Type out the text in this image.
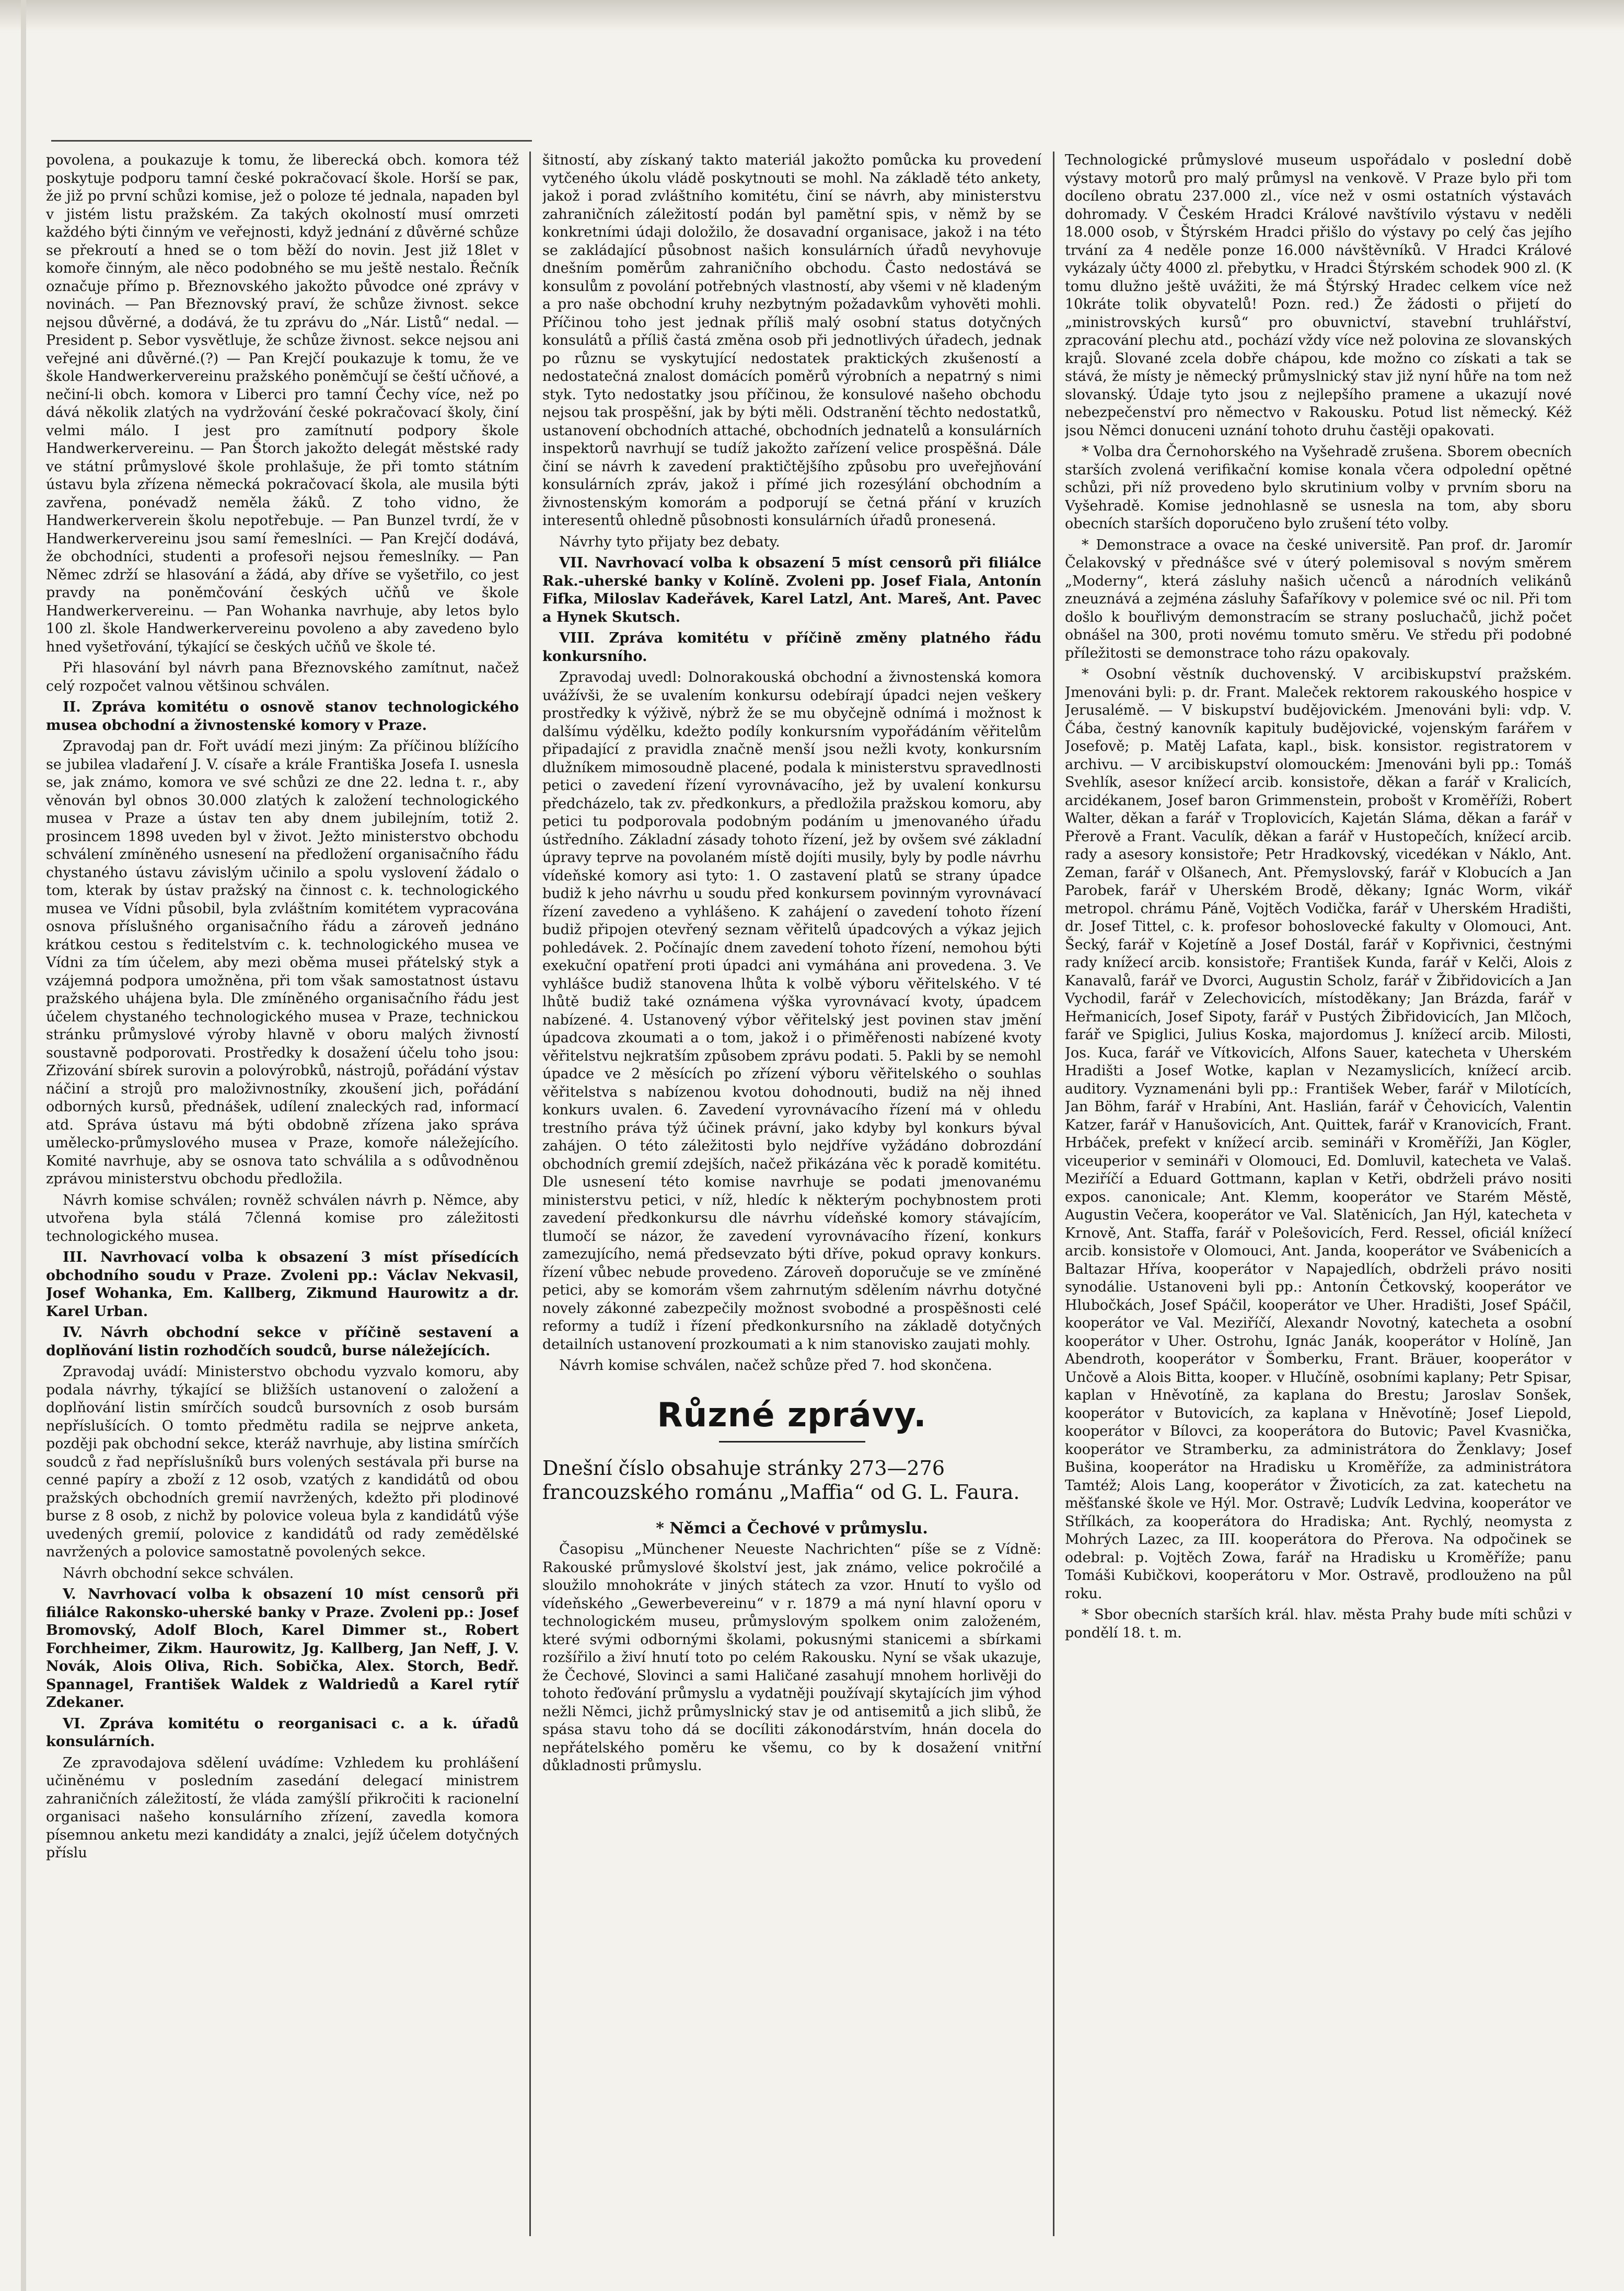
povolena, a poukazuje k tomu, že liberecká obch. komora též poskytuje podporu tamní české pokračovací škole. Horší se paк, že již po první schůzi komise, jež o poloze té jednala, napaden byl v jistém listu pražském. Za takých okolností musí omrzeti každého býti činným ve veřejnosti, když jednání z důvěrné schůze se překroutí a hned se o tom běží do novin. Jest již 18let v komoře činným, ale něco podobného se mu ještě nestalo. Řečník označuje přímo p. Březnovského jakožto původce oné zprávy v novinách. — Pan Březnovský praví, že schůze živnost. sekce nejsou důvěrné, a dodává, že tu zprávu do „Nár. Listů“ nedal. — President p. Sebor vysvětluje, že schůze živnost. sekce nejsou ani veřejné ani důvěrné.(?) — Pan Krejčí poukazuje k tomu, že ve škole Handwerkervereinu pražského poněmčují se čeští učňové, a nečiní-li obch. komora v Liberci pro tamní Čechy více, než po dává několik zlatých na vydržování české pokračovací školy, činí velmi málo. I jest pro zamítnutí podpory škole Handwerkervereinu. — Pan Štorch jakožto delegát městské rady ve státní průmyslové škole prohlašuje, že při tomto státním ústavu byla zřízena německá pokračovací škola, ale musila býti zavřena, ponévadž neměla žáků. Z toho vidno, že Handwerkerverein školu nepotřebuje. — Pan Bunzel tvrdí, že v Handwerkervereinu jsou samí řemeslníci. — Pan Krejčí dodává, že obchodníci, studenti a profesoři nejsou řemeslníky. — Pan Němec zdrží se hlasování a žádá, aby dříve se vyšetřilo, co jest pravdy na poněmčování českých učňů ve škole Handwerkervereinu. — Pan Wohanka navrhuje, aby letos bylo 100 zl. škole Handwerkervereinu povoleno a aby zavedeno bylo hned vyšetřování, týkající se českých učňů ve škole té.

Při hlasování byl návrh pana Březnovského zamítnut, načež celý rozpočet valnou většinou schválen.

II. Zpráva komitétu o osnově stanov technologického musea obchodní a živnostenské komory v Praze.

Zpravodaj pan dr. Fořt uvádí mezi jiným: Za příčinou blížícího se jubilea vladaření J. V. císaře a krále Františka Josefa I. usnesla se, jak známo, komora ve své schůzi ze dne 22. ledna t. r., aby věnován byl obnos 30.000 zlatých k založení technologického musea v Praze a ústav ten aby dnem jubilejním, totiž 2. prosincem 1898 uveden byl v život. Ježto ministerstvo obchodu schválení zmíněného usnesení na předložení organisačního řádu chystaného ústavu závislým učinilo a spolu vyslovení žádalo o tom, kterak by ústav pražský na činnost c. k. technologického musea ve Vídni působil, byla zvláštním komitétem vypracována osnova příslušného organisačního řádu a zároveň jednáno krátkou cestou s ředitelstvím c. k. technologického musea ve Vídni za tím účelem, aby mezi oběma musei přátelský styk a vzájemná podpora umožněna, při tom však samostatnost ústavu pražského uhájena byla. Dle zmíněného organisačního řádu jest účelem chystaného technologického musea v Praze, technickou stránku průmyslové výroby hlavně v oboru malých živností soustavně podporovati. Prostředky k dosažení účelu toho jsou: Zřizování sbírek surovin a polovýrobků, nástrojů, pořádání výstav náčiní a strojů pro maloživnostníky, zkoušení jich, pořádání odborných kursů, přednášek, udílení znaleckých rad, informací atd. Správa ústavu má býti obdobně zřízena jako správa umělecko-průmyslového musea v Praze, komoře náležejícího. Komité navrhuje, aby se osnova tato schválila a s odůvodněnou zprávou ministerstvu obchodu předložila.

Návrh komise schválen; rovněž schválen návrh p. Němce, aby utvořena byla stálá 7členná komise pro záležitosti technologického musea.

III. Navrhovací volba k obsazení 3 míst přísedících obchodního soudu v Praze. Zvoleni pp.: Václav Nekvasil, Josef Wohanka, Em. Kallberg, Zikmund Haurowitz a dr. Karel Urban.

IV. Návrh obchodní sekce v příčině sestavení a doplňování listin rozhodčích soudců, burse náležejících.

Zpravodaj uvádí: Ministerstvo obchodu vyzvalo komoru, aby podala návrhy, týkající se bližších ustanovení o založení a doplňování listin smírčích soudců bursovních z osob bursám nepříslušících. O tomto předmětu radila se nejprve anketa, později pak obchodní sekce, kteráž navrhuje, aby listina smírčích soudců z řad nepříslušníků burs volených sestávala při burse na cenné papíry a zboží z 12 osob, vzatých z kandidátů od obou pražských obchodních gremií navržených, kdežto při plodinové burse z 8 osob, z nichž by polovice voleua byla z kandidátů výše uvedených gremií, polovice z kandidátů od rady zemědělské navržených a polovice samostatně povolených sekce.

Návrh obchodní sekce schválen.

V. Navrhovací volba k obsazení 10 míst censorů při filiálce Rakonsko-uherské banky v Praze. Zvoleni pp.: Josef Bromovský, Adolf Bloch, Karel Dimmer st., Robert Forchheimer, Zikm. Haurowitz, Jg. Kallberg, Jan Neff, J. V. Novák, Alois Oliva, Rich. Sobička, Alex. Storch, Bedř. Spannagel, František Waldek z Waldriedů a Karel rytíř Zdekaner.

VI. Zpráva komitétu o reorganisaci c. a k. úřadů konsulárních.

Ze zpravodajova sdělení uvádíme: Vzhledem ku prohlášení učiněnému v posledním zasedání delegací ministrem zahraničních záležitostí, že vláda zamýšlí přikročiti k racionelní organisaci našeho konsulárního zřízení, zavedla komora písemnou anketu mezi kandidáty a znalci, jejíž účelem dotyčných příslu

šitností, aby získaný takto materiál jakožto pomůcka ku provedení vytčeného úkolu vládě poskytnouti se mohl. Na základě této ankety, jakož i porad zvláštního komitétu, činí se návrh, aby ministerstvu zahraničních záležitostí podán byl pamětní spis, v němž by se konkretními údaji doložilo, že dosavadní organisace, jakož i na této se zakládající působnost našich konsulárních úřadů nevyhovuje dnešním poměrům zahraničního obchodu. Často nedostává se konsulům z povolání potřebných vlastností, aby všemi v ně kladeným a pro naše obchodní kruhy nezbytným požadavkům vyhověti mohli. Příčinou toho jest jednak příliš malý osobní status dotyčných konsulátů a příliš častá změna osob při jednotlivých úřadech, jednak po různu se vyskytující nedostatek praktických zkušeností a nedostatečná znalost domácích poměrů výrobních a nepatrný s nimi styk. Tyto nedostatky jsou příčinou, že konsulové našeho obchodu nejsou tak prospěšní, jak by býti měli. Odstranění těchto nedostatků, ustanovení obchodních attaché, obchodních jednatelů a konsulárních inspektorů navrhují se tudíž jakožto zařízení velice prospěšná. Dále činí se návrh k zavedení praktičtějšího způsobu pro uveřejňování konsulárních zpráv, jakož i přímé jich rozesýlání obchodním a živnostenským komorám a podporují se četná přání v kruzích interesentů ohledně působnosti konsulárních úřadů pronesená.

Návrhy tyto přijaty bez debaty.

VII. Navrhovací volba k obsazení 5 míst censorů při filiálce Rak.-uherské banky v Kolíně. Zvoleni pp. Josef Fiala, Antonín Fifka, Miloslav Kadeřávek, Karel Latzl, Ant. Mareš, Ant. Pavec a Hynek Skutsch.

VIII. Zpráva komitétu v příčině změny platného řádu konkursního.

Zpravodaj uvedl: Dolnorakouská obchodní a živnostenská komora uvážívši, že se uvalením konkursu odebírají úpadci nejen veškery prostředky k výživě, nýbrž že se mu obyčejně odnímá i možnost k dalšímu výdělku, kdežto podíly konkursním vypořádáním věřitelům připadající z pravidla značně menší jsou nežli kvoty, konkursním dlužníkem mimosoudně placené, podala k ministerstvu spravedlnosti petici o zavedení řízení vyrovnávacího, jež by uvalení konkursu předcházelo, tak zv. předkonkurs, a předložila pražskou komoru, aby petici tu podporovala podobným podáním u jmenovaného úřadu ústředního. Základní zásady tohoto řízení, jež by ovšem své základní úpravy teprve na povolaném místě dojíti musily, byly by podle návrhu vídeňské komory asi tyto: 1. O zastavení platů se strany úpadce budiž k jeho návrhu u soudu před konkursem povinným vyrovnávací řízení zavedeno a vyhlášeno. K zahájení o zavedení tohoto řízení budiž připojen otevřený seznam věřitelů úpadcových a výkaz jejich pohledávek. 2. Počínajíc dnem zavedení tohoto řízení, nemohou býti exekuční opatření proti úpadci ani vymáhána ani provedena. 3. Ve vyhlášce budiž stanovena lhůta k volbě výboru věřitelského. V té lhůtě budiž také oznámena výška vyrovnávací kvoty, úpadcem nabízené. 4. Ustanovený výbor věřitelský jest povinen stav jmění úpadcova zkoumati a o tom, jakož i o přiměřenosti nabízené kvoty věřitelstvu nejkratším způsobem zprávu podati. 5. Pakli by se nemohl úpadce ve 2 měsících po zřízení výboru věřitelského o souhlas věřitelstva s nabízenou kvotou dohodnouti, budiž na něj ihned konkurs uvalen. 6. Zavedení vyrovnávacího řízení má v ohledu trestního práva týž účinek právní, jako kdyby byl konkurs býval zahájen. O této záležitosti bylo nejdříve vyžádáno dobrozdání obchodních gremií zdejších, načež přikázána věc k poradě komitétu. Dle usnesení této komise navrhuje se podati jmenovanému ministerstvu petici, v níž, hledíc k některým pochybnostem proti zavedení předkonkursu dle návrhu vídeňské komory stávajícím, tlumočí se názor, že zavedení vyrovnávacího řízení, konkurs zamezujícího, nemá předsevzato býti dříve, pokud opravy konkurs. řízení vůbec nebude provedeno. Zároveň doporučuje se ve zmíněné petici, aby se komorám všem zahrnutým sdělením návrhu dotyčné novely zákonné zabezpečily možnost svobodné a prospěšnosti celé reformy a tudíž i řízení předkonkursního na základě dotyčných detailních ustanovení prozkoumati a k nim stanovisko zaujati mohly.

Návrh komise schválen, načež schůze před 7. hod skončena.

Různé zprávy.

Dnešní číslo obsahuje stránky 273—276 francouzského románu „Maffia“ od G. L. Faura.

* Němci a Čechové v průmyslu.

Časopisu „Münchener Neueste Nachrichten“ píše se z Vídně: Rakouské průmyslové školství jest, jak známo, velice pokročilé a sloužilo mnohokráte v jiných státech za vzor. Hnutí to vyšlo od vídeňského „Gewerbevereinu“ v r. 1879 a má nyní hlavní oporu v technologickém museu, průmyslovým spolkem onim založeném, které svými odbornými školami, pokusnými stanicemi a sbírkami rozšířilo a živí hnutí toto po celém Rakousku. Nyní se však ukazuje, že Čechové, Slovinci a sami Haličané zasahují mnohem horlivěji do tohoto řeďování průmyslu a vydatněji používají skytajících jim výhod nežli Němci, jichž průmyslnický stav je od antisemitů a jich slibů, že spása stavu toho dá se docíliti zákonodárstvím, hnán docela do nepřátelského poměru ke všemu, co by k dosažení vnitřní důkladnosti průmyslu.

Technologické průmyslové museum uspořádalo v poslední době výstavy motorů pro malý průmysl na venkově. V Praze bylo při tom docíleno obratu 237.000 zl., více než v osmi ostatních výstavách dohromady. V Českém Hradci Králové navštívilo výstavu v neděli 18.000 osob, v Štýrském Hradci přišlo do výstavy po celý čas jejího trvání za 4 neděle ponze 16.000 návštěvníků. V Hradci Králové vykázaly účty 4000 zl. přebytku, v Hradci Štýrském schodek 900 zl. (K tomu dlužno ještě uvážiti, že má Štýrský Hradec celkem více než 10kráte tolik obyvatelů! Pozn. red.) Že žádosti o přijetí do „ministrovských kursů“ pro obuvnictví, stavební truhlářství, zpracování plechu atd., pochází vždy více než polovina ze slovanských krajů. Slované zcela dobře chápou, kde možno co získati a tak se stává, že místy je německý průmyslnický stav již nyní hůře na tom než slovanský. Údaje tyto jsou z nejlepšího pramene a ukazují nové nebezpečenství pro němectvo v Rakousku. Potud list německý. Kéž jsou Němci donuceni uznání tohoto druhu častěji opakovati.

* Volba dra Černohorského na Vyšehradě zrušena. Sborem obecních starších zvolená verifikační komise konala včera odpolední opětné schůzi, při níž provedeno bylo skrutinium volby v prvním sboru na Vyšehradě. Komise jednohlasně se usnesla na tom, aby sboru obecních starších doporučeno bylo zrušení této volby.

* Demonstrace a ovace na české universitě. Pan prof. dr. Jaromír Čelakovský v přednášce své v úterý polemisoval s novým směrem „Moderny“, která zásluhy našich učenců a národních velikánů zneuznává a zejména zásluhy Šafaříkovy v polemice své oc nil. Při tom došlo k bouřlivým demonstracím se strany posluchačů, jichž počet obnášel na 300, proti novému tomuto směru. Ve středu při podobné příležitosti se demonstrace toho rázu opakovaly.

* Osobní věstník duchovenský. V arcibiskupství pražském. Jmenováni byli: p. dr. Frant. Maleček rektorem rakouského hospice v Jerusalémě. — V biskupství budějovickém. Jmenováni byli: vdp. V. Čába, čestný kanovník kapituly budějovické, vojenským farářem v Josefově; p. Matěj Lafata, kapl., bisk. konsistor. registratorem v archivu. — V arcibiskupství olomouckém: Jmenováni byli pp.: Tomáš Svehlík, asesor knížecí arcib. konsistoře, děkan a farář v Kralicích, arcidékanem, Josef baron Grimmenstein, probošt v Kroměříži, Robert Walter, děkan a farář v Troplovicích, Kajetán Sláma, děkan a farář v Přerově a Frant. Vaculík, děkan a farář v Hustopečích, knížecí arcib. rady a asesory konsistoře; Petr Hradkovský, vicedékan v Náklo, Ant. Zeman, farář v Olšanech, Ant. Přemyslovský, farář v Klobucích a Jan Parobek, farář v Uherském Brodě, děkany; Ignác Worm, vikář metropol. chrámu Páně, Vojtěch Vodička, farář v Uherském Hradišti, dr. Josef Tittel, c. k. profesor bohoslovecké fakulty v Olomouci, Ant. Šecký, farář v Kojetíně a Josef Dostál, farář v Kopřivnici, čestnými rady knížecí arcib. konsistoře; František Kunda, farář v Kelči, Alois z Kanavalů, farář ve Dvorci, Augustin Scholz, farář v Žibřidovicích a Jan Vychodil, farář v Zelechovicích, místoděkany; Jan Brázda, farář v Heřmanicích, Josef Sipoty, farář v Pustých Žibřidovicích, Jan Mlčoch, farář ve Spiglici, Julius Koska, majordomus J. knížecí arcib. Milosti, Jos. Kuca, farář ve Vítkovicích, Alfons Sauer, katecheta v Uherském Hradišti a Josef Wotke, kaplan v Nezamyslicích, knížecí arcib. auditory. Vyznamenáni byli pp.: František Weber, farář v Milotících, Jan Böhm, farář v Hrabíni, Ant. Haslián, farář v Čehovicích, Valentin Katzer, farář v Hanušovicích, Ant. Quittek, farář v Kranovicích, Frant. Hrbáček, prefekt v knížecí arcib. semináři v Kroměříži, Jan Kögler, viceuperior v semináři v Olomouci, Ed. Domluvil, katecheta ve Valaš. Meziříčí a Eduard Gottmann, kaplan v Ketři, obdrželi právo nositi expos. canonicale; Ant. Klemm, kooperátor ve Starém Městě, Augustin Večera, kooperátor ve Val. Slatěnicích, Jan Hýl, katecheta v Krnově, Ant. Staffa, farář v Polešovicích, Ferd. Ressel, oficiál knížecí arcib. konsistoře v Olomouci, Ant. Janda, kooperátor ve Svábenicích a Baltazar Hříva, kooperátor v Napajedlích, obdrželi právo nositi synodálie. Ustanoveni byli pp.: Antonín Četkovský, kooperátor ve Hlubočkách, Josef Spáčil, kooperátor ve Uher. Hradišti, Josef Spáčil, kooperátor ve Val. Meziříčí, Alexandr Novotný, katecheta a osobní kooperátor v Uher. Ostrohu, Ignác Janák, kooperátor v Holíně, Jan Abendroth, kooperátor v Šomberku, Frant. Bräuer, kooperátor v Unčově a Alois Bitta, kooper. v Hlučíně, osobními kaplany; Petr Spisar, kaplan v Hněvotíně, za kaplana do Brestu; Jaroslav Sonšek, kooperátor v Butovicích, za kaplana v Hněvotíně; Josef Liepold, kooperátor v Bílovci, za kooperátora do Butovic; Pavel Kvasnička, kooperátor ve Stramberku, za administrátora do Ženklavy; Josef Bušina, kooperátor na Hradisku u Kroměříže, za administrátora Tamtéž; Alois Lang, kooperátor v Životicích, za zat. katechetu na měšťanské škole ve Hýl. Mor. Ostravě; Ludvík Ledvina, kooperátor ve Střílkách, za kooperátora do Hradiska; Ant. Rychlý, neomysta z Mohrých Lazec, za III. kooperátora do Přerova. Na odpočinek se odebral: p. Vojtěch Zowa, farář na Hradisku u Kroměříže; panu Tomáši Kubičkovi, kooperátoru v Mor. Ostravě, prodlouženo na půl roku.

* Sbor obecních starších král. hlav. města Prahy bude míti schůzi v pondělí 18. t. m.
